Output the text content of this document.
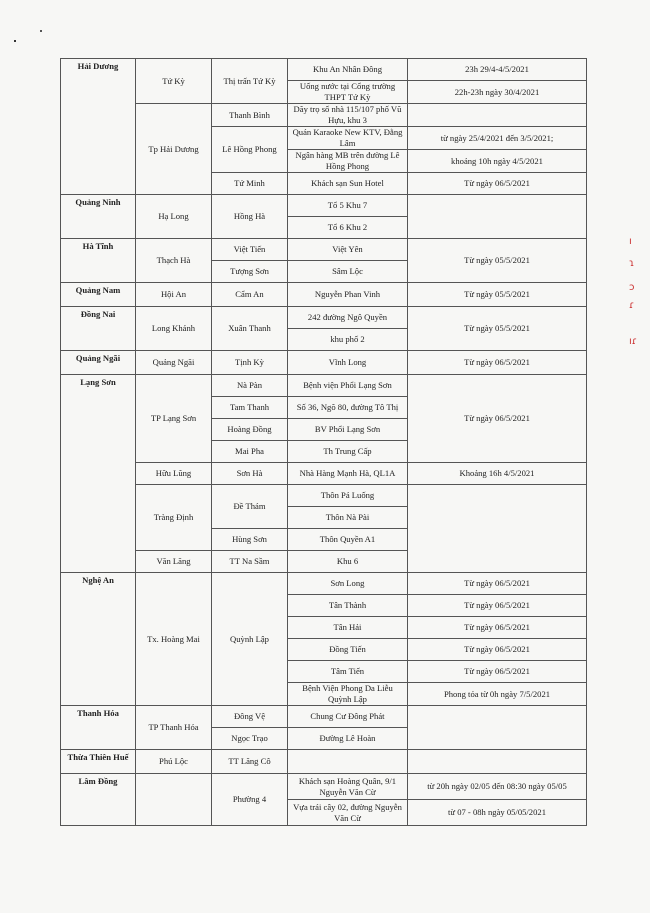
Hải Dương	Tứ Kỳ	Thị trấn Tứ Kỳ	Khu An Nhân Đông	23h 29/4-4/5/2021
			Uống nước tại Cổng trường THPT Tứ Kỳ	22h-23h ngày 30/4/2021
	Tp Hải Dương	Thanh Bình	Dãy trọ số nhà 115/107 phố Vũ Hựu, khu 3	
		Lê Hồng Phong	Quán Karaoke New KTV, Đằng Lâm	từ ngày 25/4/2021 đến 3/5/2021;
			Ngân hàng MB trên đường Lê Hồng Phong	khoảng 10h ngày 4/5/2021
		Tứ Minh	Khách sạn Sun Hotel	Từ ngày 06/5/2021
Quảng Ninh	Hạ Long	Hồng Hà	Tổ 5 Khu 7	
			Tổ 6 Khu 2	
Hà Tĩnh	Thạch Hà	Việt Tiến	Việt Yên	Từ ngày 05/5/2021
		Tượng Sơn	Sâm Lộc	
Quảng Nam	Hội An	Cẩm An	Nguyễn Phan Vinh	Từ ngày 05/5/2021
Đồng Nai	Long Khánh	Xuân Thanh	242 đường Ngô Quyền	Từ ngày 05/5/2021
			khu phố 2	
Quảng Ngãi	Quảng Ngãi	Tịnh Kỳ	Vĩnh Long	Từ ngày 06/5/2021
Lạng Sơn	TP Lạng Sơn	Nà Pàn	Bệnh viện Phổi Lạng Sơn	Từ ngày 06/5/2021
		Tam Thanh	Số 36, Ngõ 80, đường Tô Thị	
		Hoàng Đồng	BV Phổi Lạng Sơn	
		Mai Pha	Th Trung Cấp	
	Hữu Lũng	Sơn Hà	Nhà Hàng Mạnh Hà, QL1A	Khoảng 16h 4/5/2021
	Tràng Định	Đề Thám	Thôn Pá Luống	
			Thôn Nà Pài	
		Hùng Sơn	Thôn Quyền A1	
	Văn Lãng	TT Na Sầm	Khu 6	
Nghệ An	Tx. Hoàng Mai	Quỳnh Lập	Sơn Long	Từ ngày 06/5/2021
			Tân Thành	Từ ngày 06/5/2021
			Tân Hải	Từ ngày 06/5/2021
			Đồng Tiến	Từ ngày 06/5/2021
			Tâm Tiến	Từ ngày 06/5/2021
			Bệnh Viện Phong Da Liễu Quỳnh Lập	Phong tỏa từ 0h ngày 7/5/2021
Thanh Hóa	TP Thanh Hóa	Đông Vệ	Chung Cư Đông Phát	
		Ngọc Trạo	Đường Lê Hoàn	
Thừa Thiên Huế	Phú Lộc	TT Lăng Cô		
Lâm Đồng		Phường 4	Khách sạn Hoàng Quân, 9/1 Nguyễn Văn Cừ	từ 20h ngày 02/05 đến 08:30 ngày 05/05
			Vựa trái cây 02, đường Nguyễn Văn Cừ	từ 07 - 08h ngày 05/05/2021
ı
ɿ
ɔ
ɾ
ıɾ
